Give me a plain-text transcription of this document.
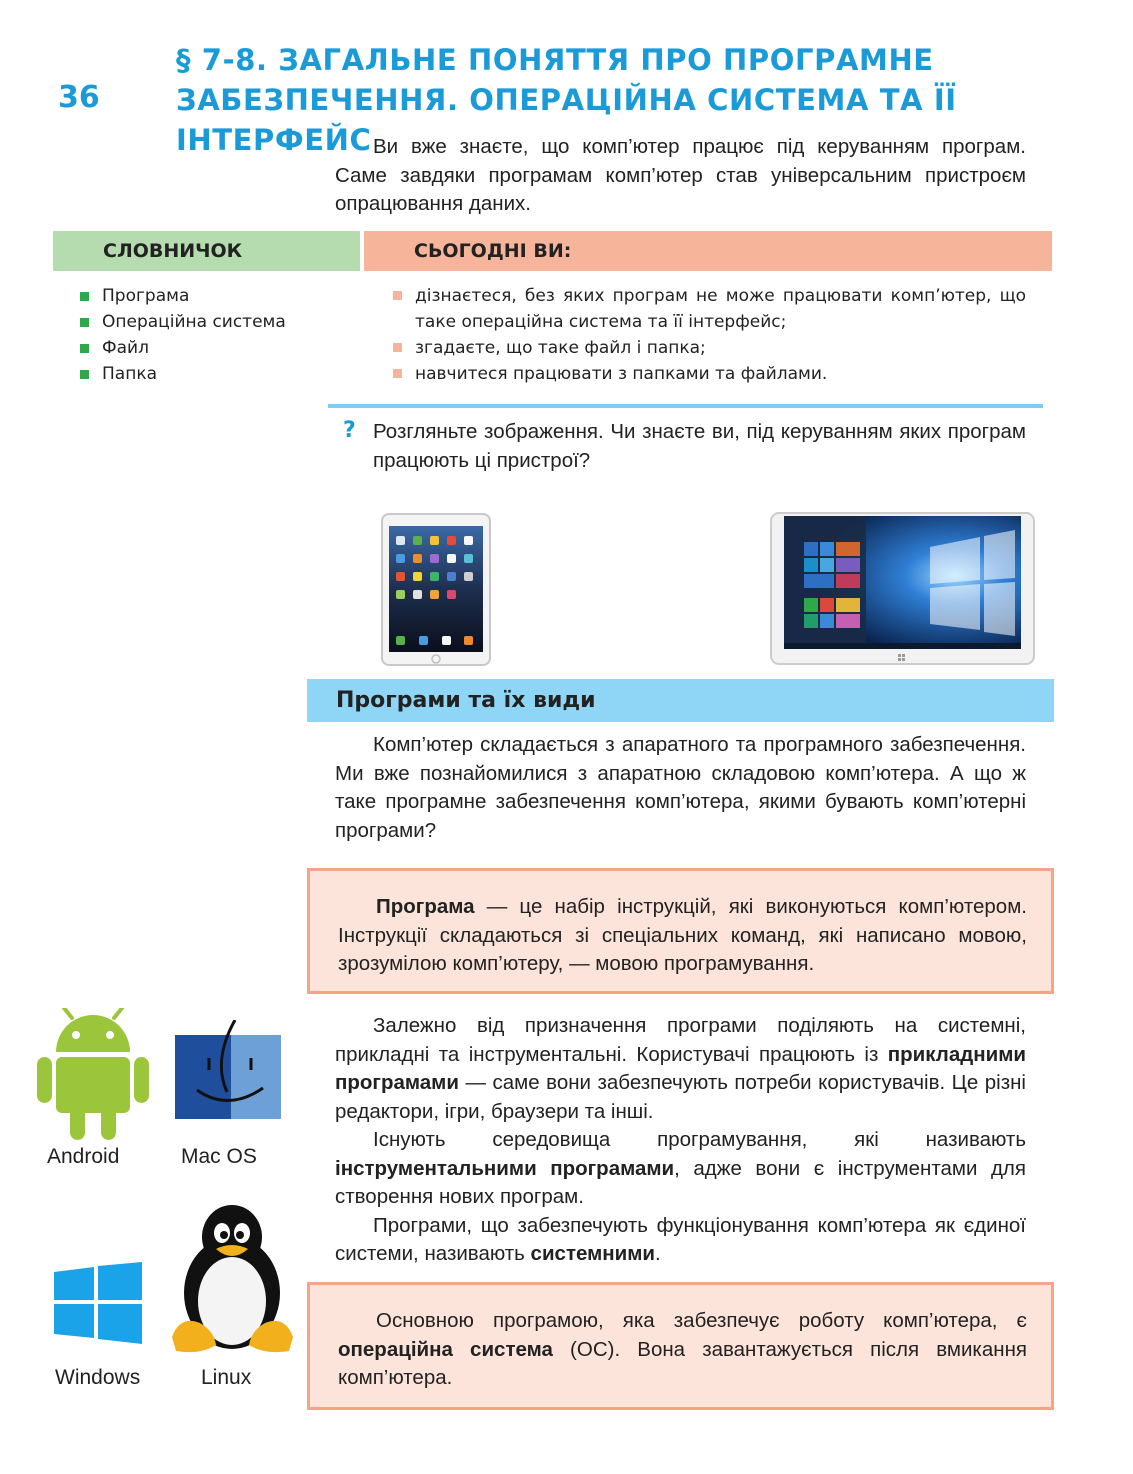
36
§ 7-8. ЗАГАЛЬНЕ ПОНЯТТЯ ПРО ПРОГРАМНЕ
ЗАБЕЗПЕЧЕННЯ. ОПЕРАЦІЙНА СИСТЕМА ТА ЇЇ ІНТЕРФЕЙС Ви вже знаєте, що комп’ютер працює під керуванням програм. Саме завдяки програмам комп’ютер став універсальним пристроєм опрацювання даних.

СЛОВНИЧОК	СЬОГОДНІ ВИ:
Програма
Операційна система
Файл
Папка
дізнаєтеся, без яких програм не може працювати комп’ютер, що таке операційна система та її інтерфейс;
згадаєте, що таке файл і папка;
навчитеся працювати з папками та файлами.
? Розгляньте зображення. Чи знаєте ви, під керуванням яких програм працюють ці пристрої?
Програми та їх види

Комп’ютер складається з апаратного та програмного забезпечення. Ми вже познайомилися з апаратною складовою комп’ютера. А що ж таке програмне забезпечення комп’ютера, якими бувають комп’ютерні програми?

Програма — це набір інструкцій, які виконуються комп’ютером. Інструкції складаються зі спеціальних команд, які написано мовою, зрозумілою комп’ютеру, — мовою програмування.

Залежно від призначення програми поділяють на системні, прикладні та інструментальні. Користувачі працюють із прикладними програмами — саме вони забезпечують потреби користувачів. Це різні редактори, ігри, браузери та інші.

Існують середовища програмування, які називають інструментальними програмами, адже вони є інструментами для створення нових програм.

Програми, що забезпечують функціонування комп’ютера як єдиної системи, називають системними.

Основною програмою, яка забезпечує роботу комп’ютера, є операційна система (ОС). Вона завантажується після вмикання комп’ютера.

Android	Mac OS
Windows	Linux
